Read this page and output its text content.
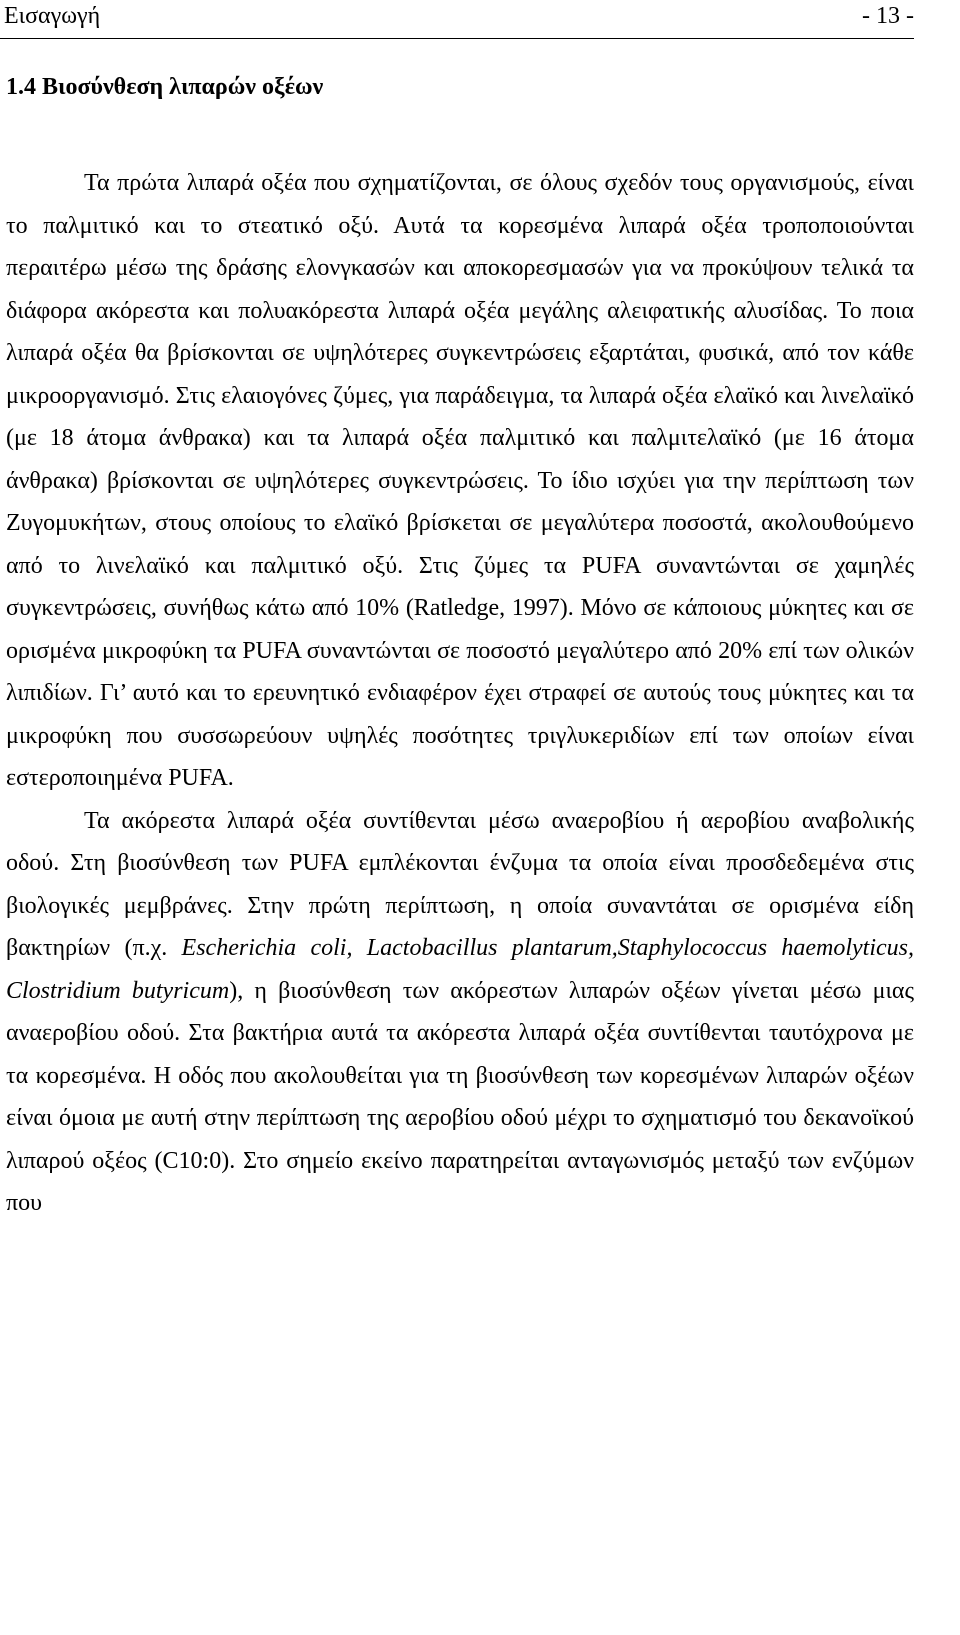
Εισαγωγή	- 13 -
1.4 Βιοσύνθεση λιπαρών οξέων

Τα πρώτα λιπαρά οξέα που σχηματίζονται, σε όλους σχεδόν τους οργανισμούς, είναι το παλμιτικό και το στεατικό οξύ. Αυτά τα κορεσμένα λιπαρά οξέα τροποποιούνται περαιτέρω μέσω της δράσης ελονγκασών και αποκορεσμασών για να προκύψουν τελικά τα διάφορα ακόρεστα και πολυακόρεστα λιπαρά οξέα μεγάλης αλειφατικής αλυσίδας. Το ποια λιπαρά οξέα θα βρίσκονται σε υψηλότερες συγκεντρώσεις εξαρτάται, φυσικά, από τον κάθε μικροοργανισμό. Στις ελαιογόνες ζύμες, για παράδειγμα, τα λιπαρά οξέα ελαϊκό και λινελαϊκό (με 18 άτομα άνθρακα) και τα λιπαρά οξέα παλμιτικό και παλμιτελαϊκό (με 16 άτομα άνθρακα) βρίσκονται σε υψηλότερες συγκεντρώσεις. Το ίδιο ισχύει για την περίπτωση των Ζυγομυκήτων, στους οποίους το ελαϊκό βρίσκεται σε μεγαλύτερα ποσοστά, ακολουθούμενο από το λινελαϊκό και παλμιτικό οξύ. Στις ζύμες τα PUFA συναντώνται σε χαμηλές συγκεντρώσεις, συνήθως κάτω από 10% (Ratledge, 1997). Μόνο σε κάποιους μύκητες και σε ορισμένα μικροφύκη τα PUFA συναντώνται σε ποσοστό μεγαλύτερο από 20% επί των ολικών λιπιδίων. Γι’ αυτό και το ερευνητικό ενδιαφέρον έχει στραφεί σε αυτούς τους μύκητες και τα μικροφύκη που συσσωρεύουν υψηλές ποσότητες τριγλυκεριδίων επί των οποίων είναι εστεροποιημένα PUFA.

Τα ακόρεστα λιπαρά οξέα συντίθενται μέσω αναεροβίου ή αεροβίου αναβολικής οδού. Στη βιοσύνθεση των PUFA εμπλέκονται ένζυμα τα οποία είναι προσδεδεμένα στις βιολογικές μεμβράνες. Στην πρώτη περίπτωση, η οποία συναντάται σε ορισμένα είδη βακτηρίων (π.χ. Escherichia coli, Lactobacillus plantarum,Staphylococcus haemolyticus, Clostridium butyricum), η βιοσύνθεση των ακόρεστων λιπαρών οξέων γίνεται μέσω μιας αναεροβίου οδού. Στα βακτήρια αυτά τα ακόρεστα λιπαρά οξέα συντίθενται ταυτόχρονα με τα κορεσμένα. Η οδός που ακολουθείται για τη βιοσύνθεση των κορεσμένων λιπαρών οξέων είναι όμοια με αυτή στην περίπτωση της αεροβίου οδού μέχρι το σχηματισμό του δεκανοϊκού λιπαρού οξέος (C10:0). Στο σημείο εκείνο παρατηρείται ανταγωνισμός μεταξύ των ενζύμων που
